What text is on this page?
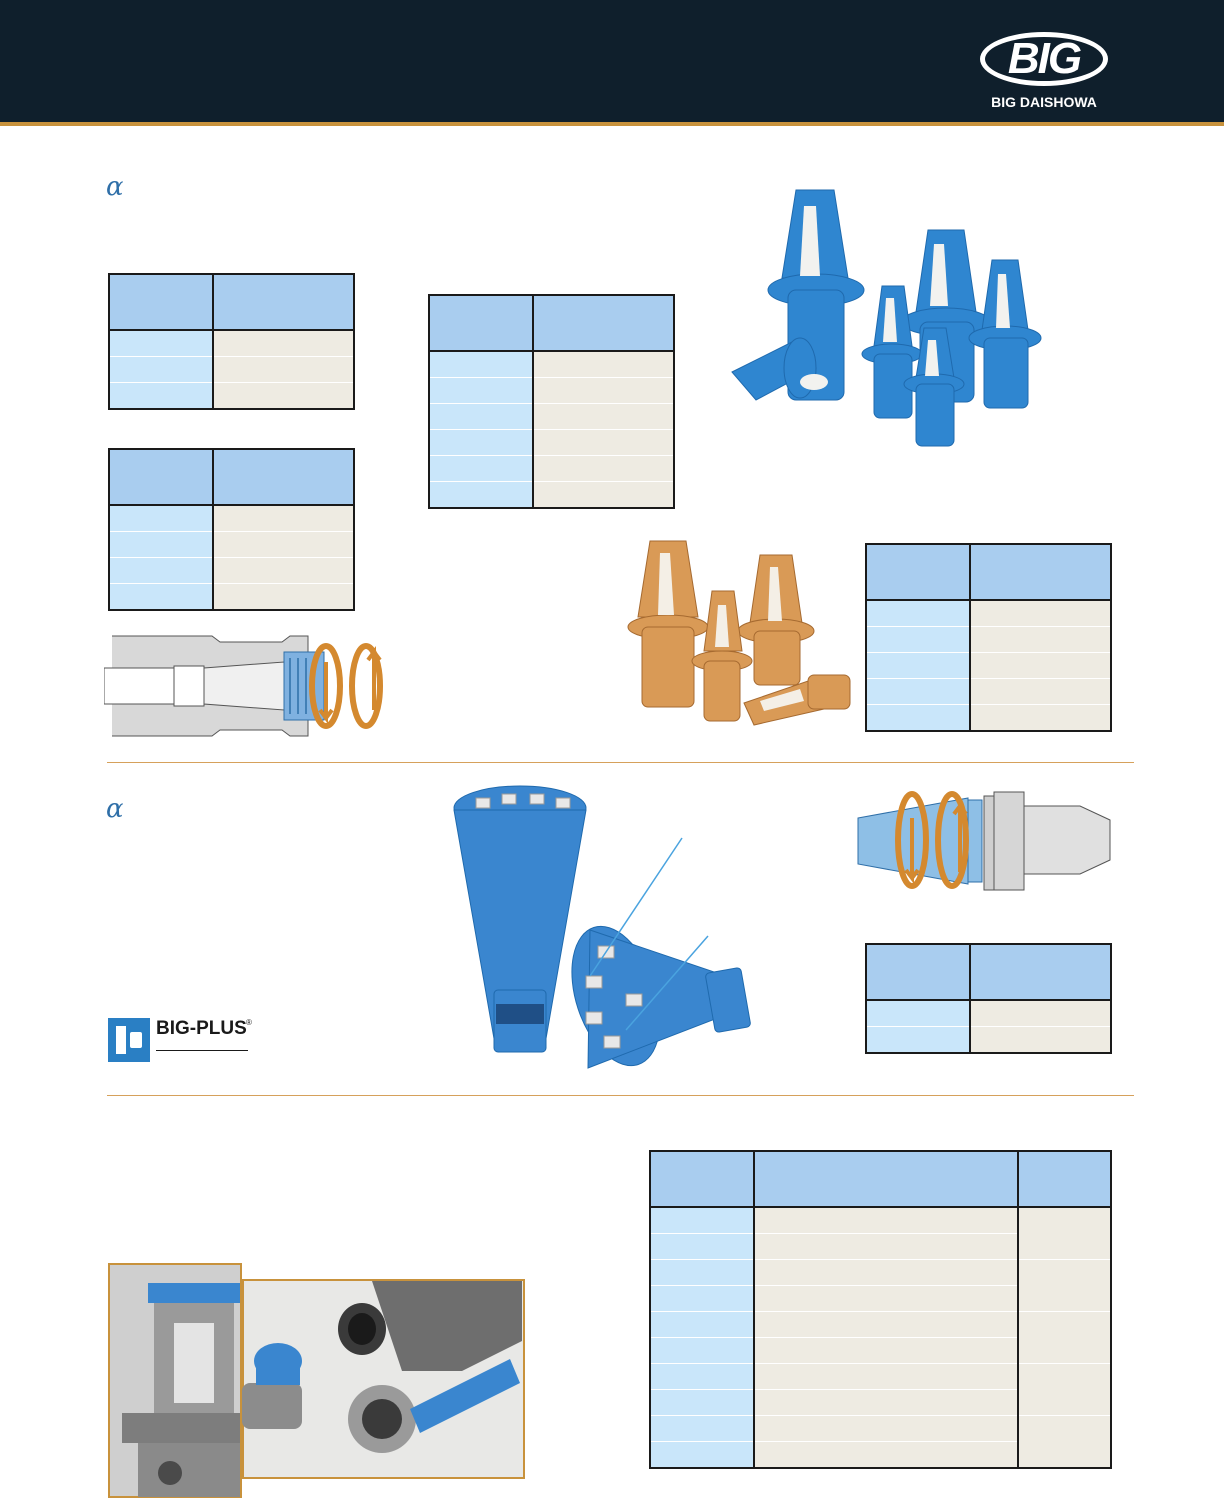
BIG
BIG DAISHOWA
α

α
BIG-PLUS ®
